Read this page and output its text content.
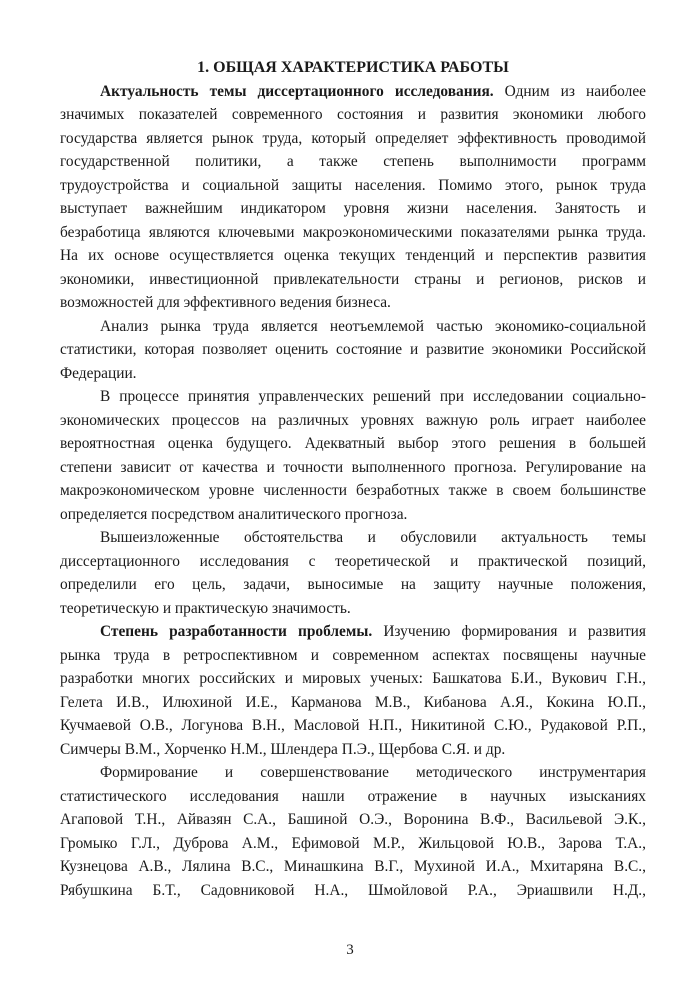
1. ОБЩАЯ ХАРАКТЕРИСТИКА РАБОТЫ
Актуальность темы диссертационного исследования. Одним из наиболее
значимых показателей современного состояния и развития экономики любого
государства является рынок труда, который определяет эффективность проводимой
государственной политики, а также степень выполнимости программ
трудоустройства и социальной защиты населения. Помимо этого, рынок труда
выступает важнейшим индикатором уровня жизни населения. Занятость и
безработица являются ключевыми макроэкономическими показателями рынка труда.
На их основе осуществляется оценка текущих тенденций и перспектив развития
экономики, инвестиционной привлекательности страны и регионов, рисков и
возможностей для эффективного ведения бизнеса.
Анализ рынка труда является неотъемлемой частью экономико-социальной
статистики, которая позволяет оценить состояние и развитие экономики Российской
Федерации.
В процессе принятия управленческих решений при исследовании социально-
экономических процессов на различных уровнях важную роль играет наиболее
вероятностная оценка будущего. Адекватный выбор этого решения в большей
степени зависит от качества и точности выполненного прогноза. Регулирование на
макроэкономическом уровне численности безработных также в своем большинстве
определяется посредством аналитического прогноза.
Вышеизложенные обстоятельства и обусловили актуальность темы
диссертационного исследования с теоретической и практической позиций,
определили его цель, задачи, выносимые на защиту научные положения,
теоретическую и практическую значимость.
Степень разработанности проблемы. Изучению формирования и развития
рынка труда в ретроспективном и современном аспектах посвящены научные
разработки многих российских и мировых ученых: Башкатова Б.И., Вукович Г.Н.,
Гелета И.В., Илюхиной И.Е., Карманова М.В., Кибанова А.Я., Кокина Ю.П.,
Кучмаевой О.В., Логунова В.Н., Масловой Н.П., Никитиной С.Ю., Рудаковой Р.П.,
Симчеры В.М., Хорченко Н.М., Шлендера П.Э., Щербова С.Я. и др.
Формирование и совершенствование методического инструментария
статистического исследования нашли отражение в научных изысканиях
Агаповой Т.Н., Айвазян С.А., Башиной О.Э., Воронина В.Ф., Васильевой Э.К.,
Громыко Г.Л., Дуброва А.М., Ефимовой М.Р., Жильцовой Ю.В., Зарова Т.А.,
Кузнецова А.В., Лялина В.С., Минашкина В.Г., Мухиной И.А., Мхитаряна В.С.,
Рябушкина Б.Т., Садовниковой Н.А., Шмойловой Р.А., Эриашвили Н.Д.,
3
